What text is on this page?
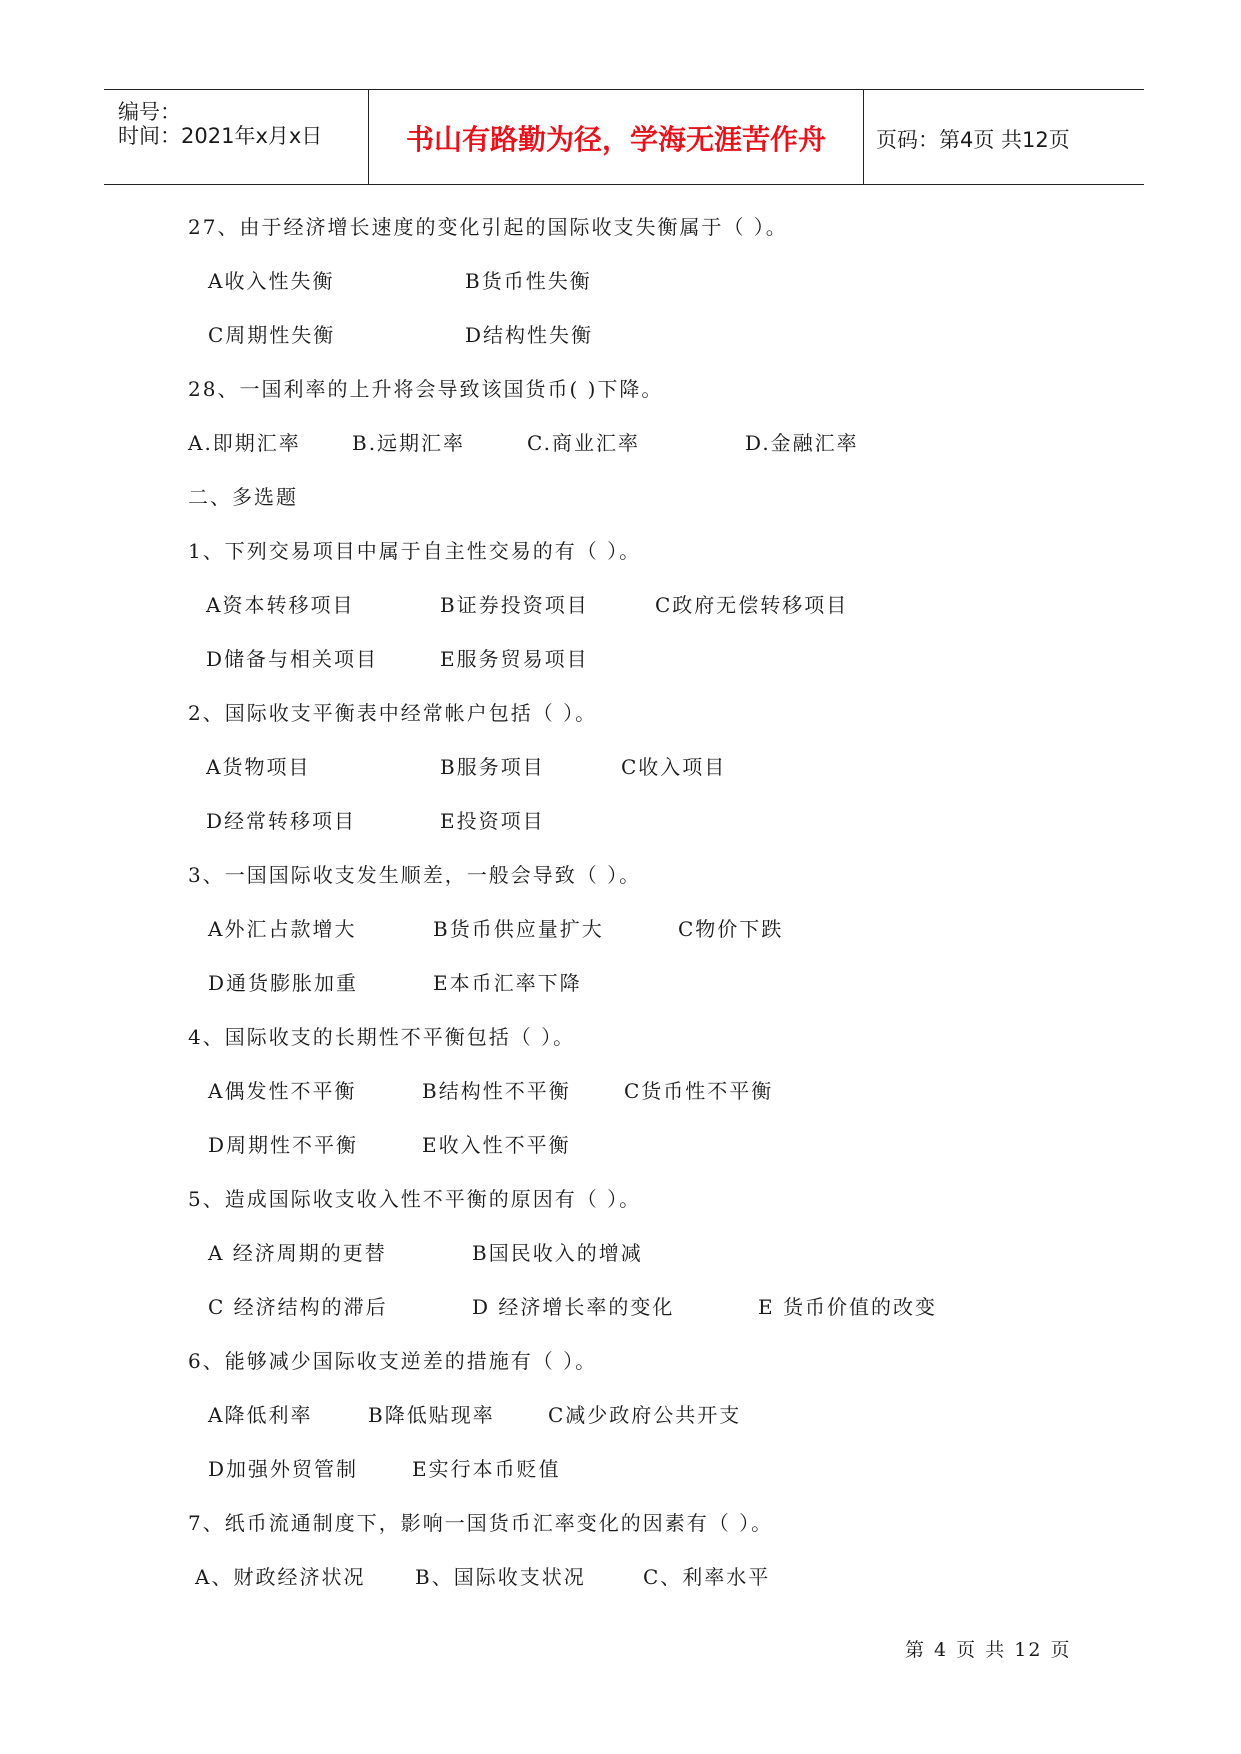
编号：
时间：2021年x月x日	书山有路勤为径，学海无涯苦作舟	页码：第4页 共12页
27、由于经济增长速度的变化引起的国际收支失衡属于（ ）。
A收入性失衡	B货币性失衡
C周期性失衡	D结构性失衡
28、一国利率的上升将会导致该国货币( )下降。
A.即期汇率	B.远期汇率	C.商业汇率	D.金融汇率
二、多选题
1、下列交易项目中属于自主性交易的有（ ）。
A资本转移项目	B证券投资项目	C政府无偿转移项目
D储备与相关项目	E服务贸易项目
2、国际收支平衡表中经常帐户包括（ ）。
A货物项目	B服务项目	C收入项目
D经常转移项目	E投资项目
3、一国国际收支发生顺差，一般会导致（ ）。
A外汇占款增大	B货币供应量扩大	C物价下跌
D通货膨胀加重	E本币汇率下降
4、国际收支的长期性不平衡包括（ ）。
A偶发性不平衡	B结构性不平衡	C货币性不平衡
D周期性不平衡	E收入性不平衡
5、造成国际收支收入性不平衡的原因有（ ）。
A 经济周期的更替	B国民收入的增减
C 经济结构的滞后	D 经济增长率的变化	E 货币价值的改变
6、能够减少国际收支逆差的措施有（ ）。
A降低利率	B降低贴现率	C减少政府公共开支
D加强外贸管制	E实行本币贬值
7、纸币流通制度下，影响一国货币汇率变化的因素有（ ）。
A、财政经济状况 B、国际收支状况	C、利率水平
第 4 页 共 12 页
